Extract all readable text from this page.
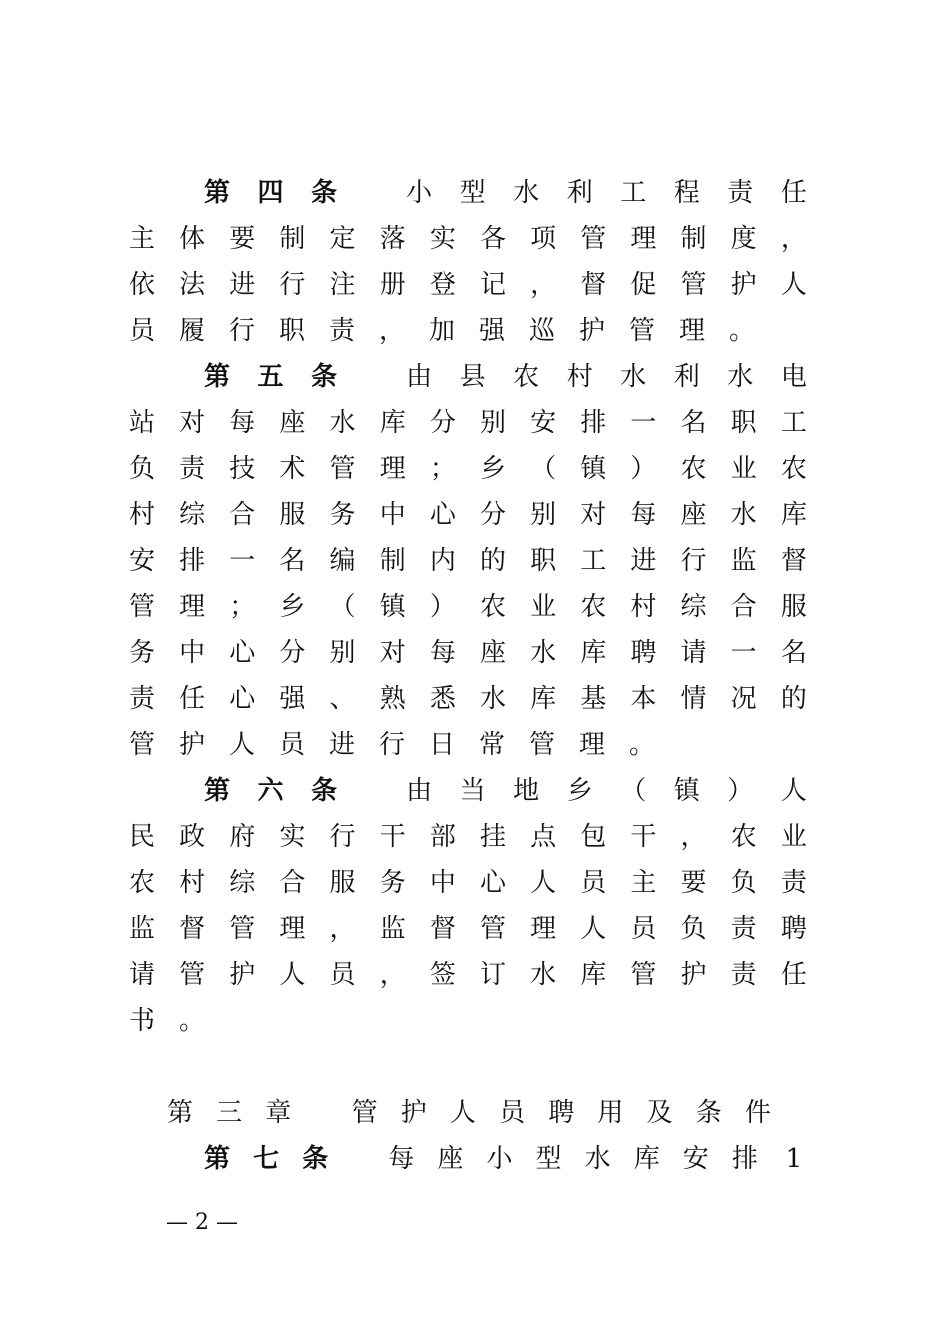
第 四 条	小 型 水 利 工 程 责 任
主 体 要 制 定 落 实 各 项 管 理 制 度 ，
依 法 进 行 注 册 登 记 ， 督 促 管 护 人
员 履 行 职 责 ， 加 强 巡 护 管 理 。
第 五 条	由 县 农 村 水 利 水 电
站 对 每 座 水 库 分 别 安 排 一 名 职 工
负 责 技 术 管 理 ； 乡 （ 镇 ） 农 业 农
村 综 合 服 务 中 心 分 别 对 每 座 水 库
安 排 一 名 编 制 内 的 职 工 进 行 监 督
管 理 ； 乡 （ 镇 ） 农 业 农 村 综 合 服
务 中 心 分 别 对 每 座 水 库 聘 请 一 名
责 任 心 强 、 熟 悉 水 库 基 本 情 况 的
管 护 人 员 进 行 日 常 管 理 。
第 六 条	由 当 地 乡 （ 镇 ） 人
民 政 府 实 行 干 部 挂 点 包 干 ， 农 业
农 村 综 合 服 务 中 心 人 员 主 要 负 责
监 督 管 理 ， 监 督 管 理 人 员 负 责 聘
请 管 护 人 员 ， 签 订 水 库 管 护 责 任
书 。
第 三 章 管 护 人 员 聘 用 及 条 件
第 七 条 每 座 小 型 水 库 安 排 1
— 2 —
